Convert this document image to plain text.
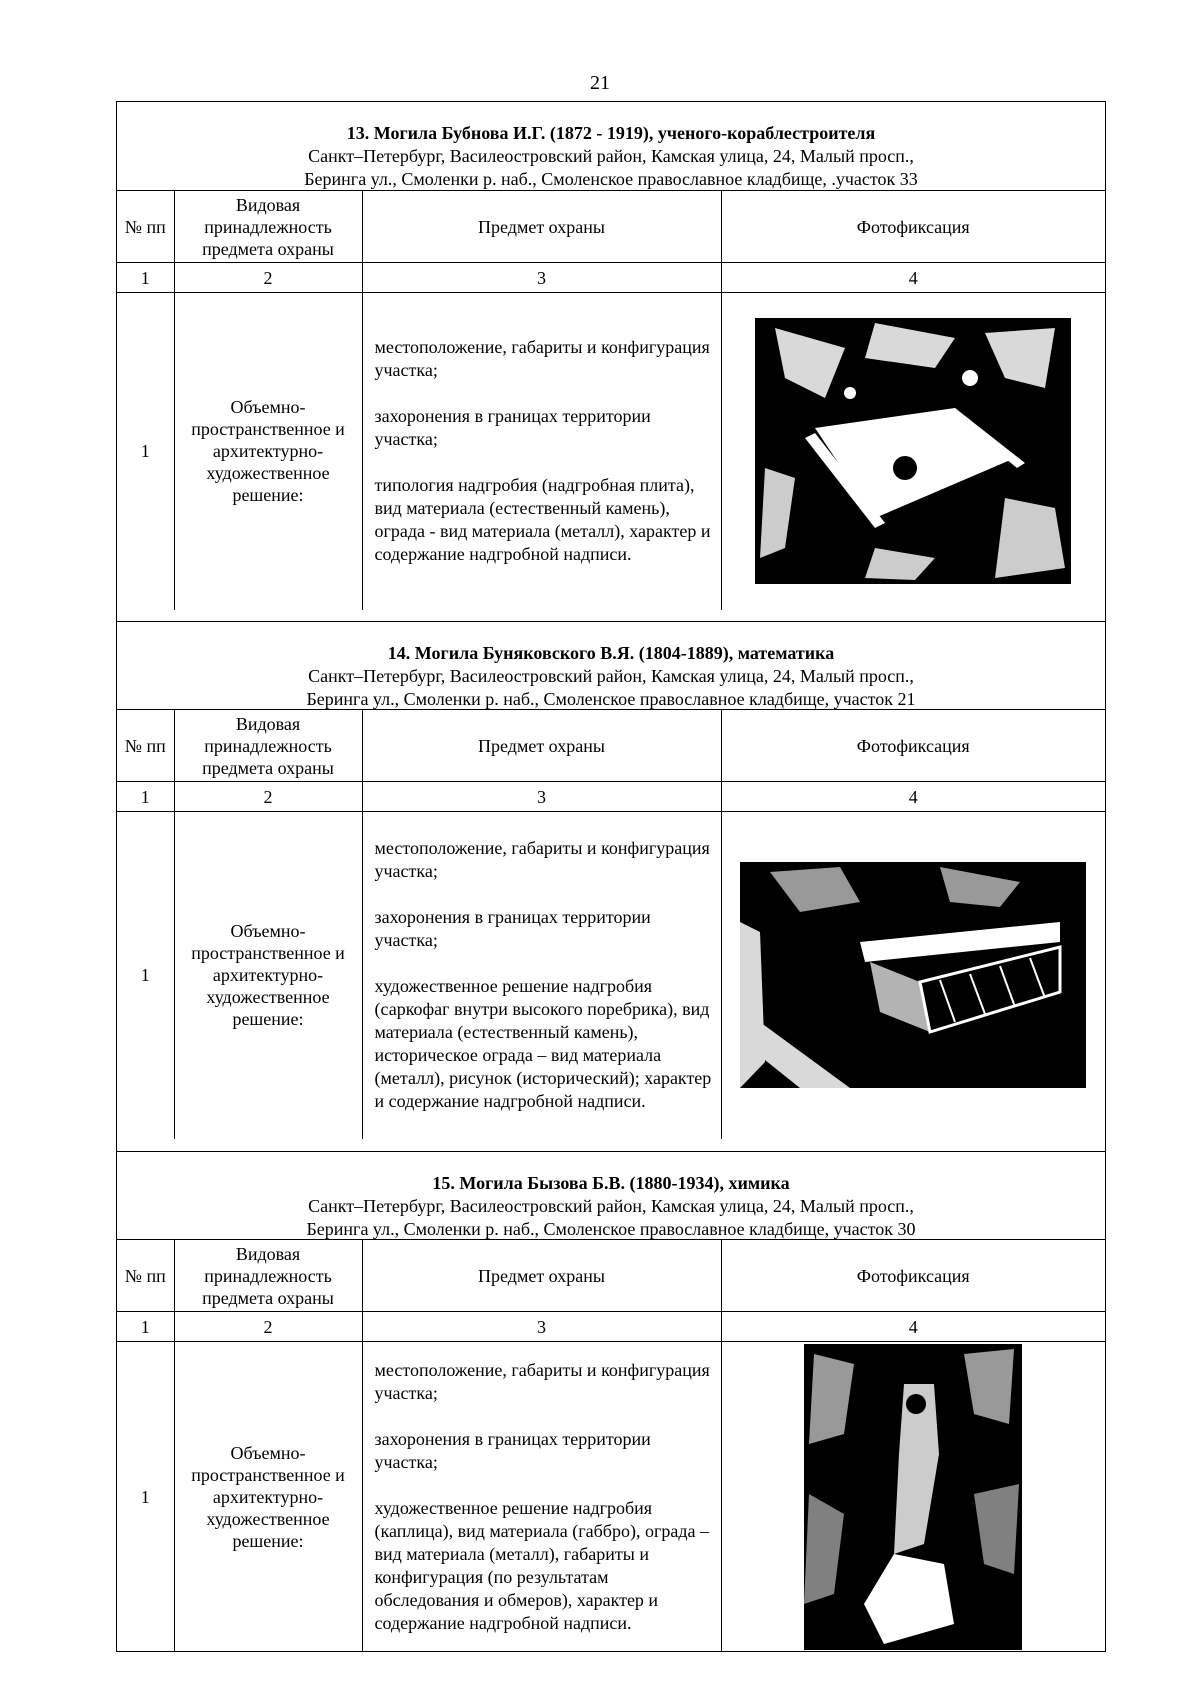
21
13. Могила Бубнова И.Г. (1872 - 1919), ученого-кораблестроителя
Санкт–Петербург, Василеостровский район, Камская улица, 24, Малый просп.,
Беринга ул., Смоленки р. наб., Смоленское православное кладбище, .участок 33
№ пп	Видовая принадлежность предмета охраны	Предмет охраны	Фотофиксация
1	2	3	4
1	Объемно-пространственное и архитектурно-художественное решение:	местоположение, габариты и конфигурация участка;

захоронения в границах территории участка;

типология надгробия (надгробная плита), вид материала (естественный камень), ограда - вид материала (металл), характер и содержание надгробной надписи.

14. Могила Буняковского В.Я. (1804-1889), математика
Санкт–Петербург, Василеостровский район, Камская улица, 24, Малый просп.,
Беринга ул., Смоленки р. наб., Смоленское православное кладбище, участок 21
№ пп	Видовая принадлежность предмета охраны	Предмет охраны	Фотофиксация
1	2	3	4
1	Объемно-пространственное и архитектурно-художественное решение:	местоположение, габариты и конфигурация участка;

захоронения в границах территории участка;

художественное решение надгробия (саркофаг внутри высокого поребрика), вид материала (естественный камень), историческое ограда – вид материала (металл), рисунок (исторический); характер и содержание надгробной надписи.

15. Могила Бызова Б.В. (1880-1934), химика
Санкт–Петербург, Василеостровский район, Камская улица, 24, Малый просп.,
Беринга ул., Смоленки р. наб., Смоленское православное кладбище, участок 30
№ пп	Видовая принадлежность предмета охраны	Предмет охраны	Фотофиксация
1	2	3	4
1	Объемно-пространственное и архитектурно-художественное решение:	местоположение, габариты и конфигурация участка;

захоронения в границах территории участка;

художественное решение надгробия (каплица), вид материала (габбро), ограда – вид материала (металл), габариты и конфигурация (по результатам обследования и обмеров), характер и содержание надгробной надписи.
